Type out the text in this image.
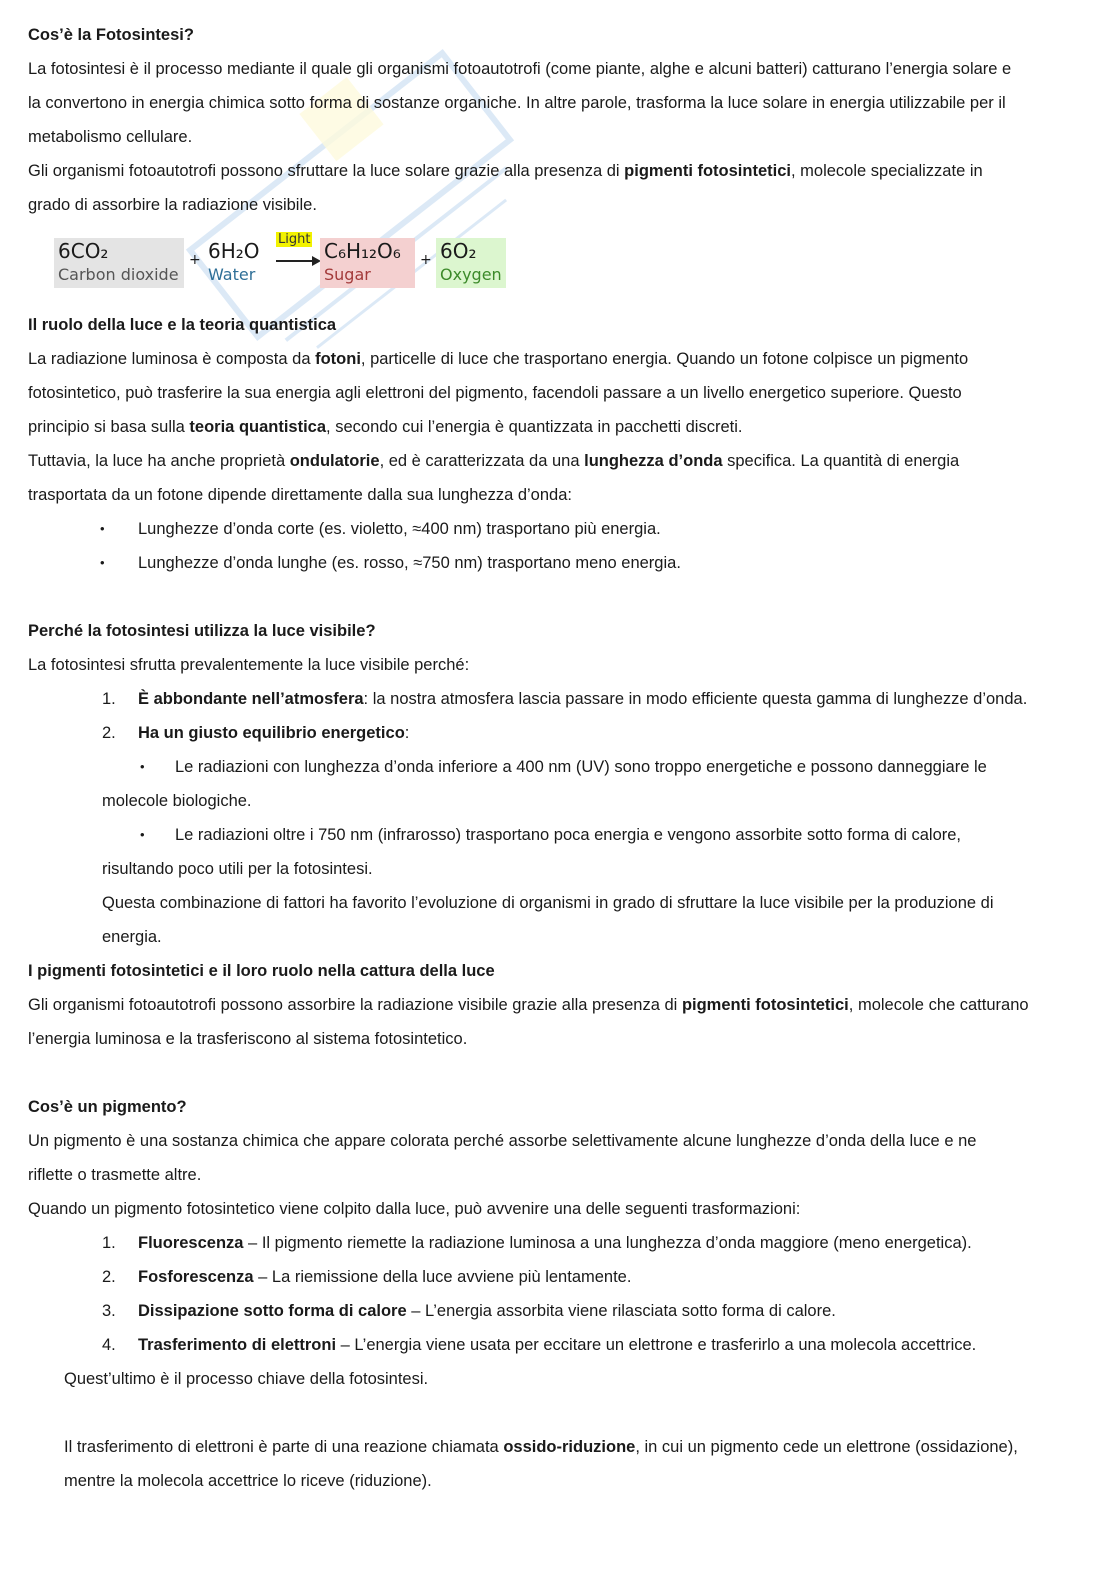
Cos’è la Fotosintesi?
La fotosintesi è il processo mediante il quale gli organismi fotoautotrofi (come piante, alghe e alcuni batteri) catturano l’energia solare e
la convertono in energia chimica sotto forma di sostanze organiche. In altre parole, trasforma la luce solare in energia utilizzabile per il
metabolismo cellulare.
Gli organismi fotoautotrofi possono sfruttare la luce solare grazie alla presenza di pigmenti fotosintetici, molecole specializzate in
grado di assorbire la radiazione visibile.
6CO₂
Carbon dioxide
+ 6H₂O
Water
Light → C₆H₁₂O₆
Sugar
+ 6O₂
Oxygen
Il ruolo della luce e la teoria quantistica
La radiazione luminosa è composta da fotoni, particelle di luce che trasportano energia. Quando un fotone colpisce un pigmento
fotosintetico, può trasferire la sua energia agli elettroni del pigmento, facendoli passare a un livello energetico superiore. Questo
principio si basa sulla teoria quantistica, secondo cui l’energia è quantizzata in pacchetti discreti.
Tuttavia, la luce ha anche proprietà ondulatorie, ed è caratterizzata da una lunghezza d’onda specifica. La quantità di energia
trasportata da un fotone dipende direttamente dalla sua lunghezza d’onda:
• Lunghezze d’onda corte (es. violetto, ≈400 nm) trasportano più energia.
• Lunghezze d’onda lunghe (es. rosso, ≈750 nm) trasportano meno energia.
Perché la fotosintesi utilizza la luce visibile?
La fotosintesi sfrutta prevalentemente la luce visibile perché:
1. È abbondante nell’atmosfera: la nostra atmosfera lascia passare in modo efficiente questa gamma di lunghezze d’onda.
2. Ha un giusto equilibrio energetico:
• Le radiazioni con lunghezza d’onda inferiore a 400 nm (UV) sono troppo energetiche e possono danneggiare le
molecole biologiche.
• Le radiazioni oltre i 750 nm (infrarosso) trasportano poca energia e vengono assorbite sotto forma di calore,
risultando poco utili per la fotosintesi.
Questa combinazione di fattori ha favorito l’evoluzione di organismi in grado di sfruttare la luce visibile per la produzione di
energia.
I pigmenti fotosintetici e il loro ruolo nella cattura della luce
Gli organismi fotoautotrofi possono assorbire la radiazione visibile grazie alla presenza di pigmenti fotosintetici, molecole che catturano
l’energia luminosa e la trasferiscono al sistema fotosintetico.
Cos’è un pigmento?
Un pigmento è una sostanza chimica che appare colorata perché assorbe selettivamente alcune lunghezze d’onda della luce e ne
riflette o trasmette altre.
Quando un pigmento fotosintetico viene colpito dalla luce, può avvenire una delle seguenti trasformazioni:
1. Fluorescenza – Il pigmento riemette la radiazione luminosa a una lunghezza d’onda maggiore (meno energetica).
2. Fosforescenza – La riemissione della luce avviene più lentamente.
3. Dissipazione sotto forma di calore – L’energia assorbita viene rilasciata sotto forma di calore.
4. Trasferimento di elettroni – L’energia viene usata per eccitare un elettrone e trasferirlo a una molecola accettrice.
Quest’ultimo è il processo chiave della fotosintesi.
Il trasferimento di elettroni è parte di una reazione chiamata ossido-riduzione, in cui un pigmento cede un elettrone (ossidazione),
mentre la molecola accettrice lo riceve (riduzione).
